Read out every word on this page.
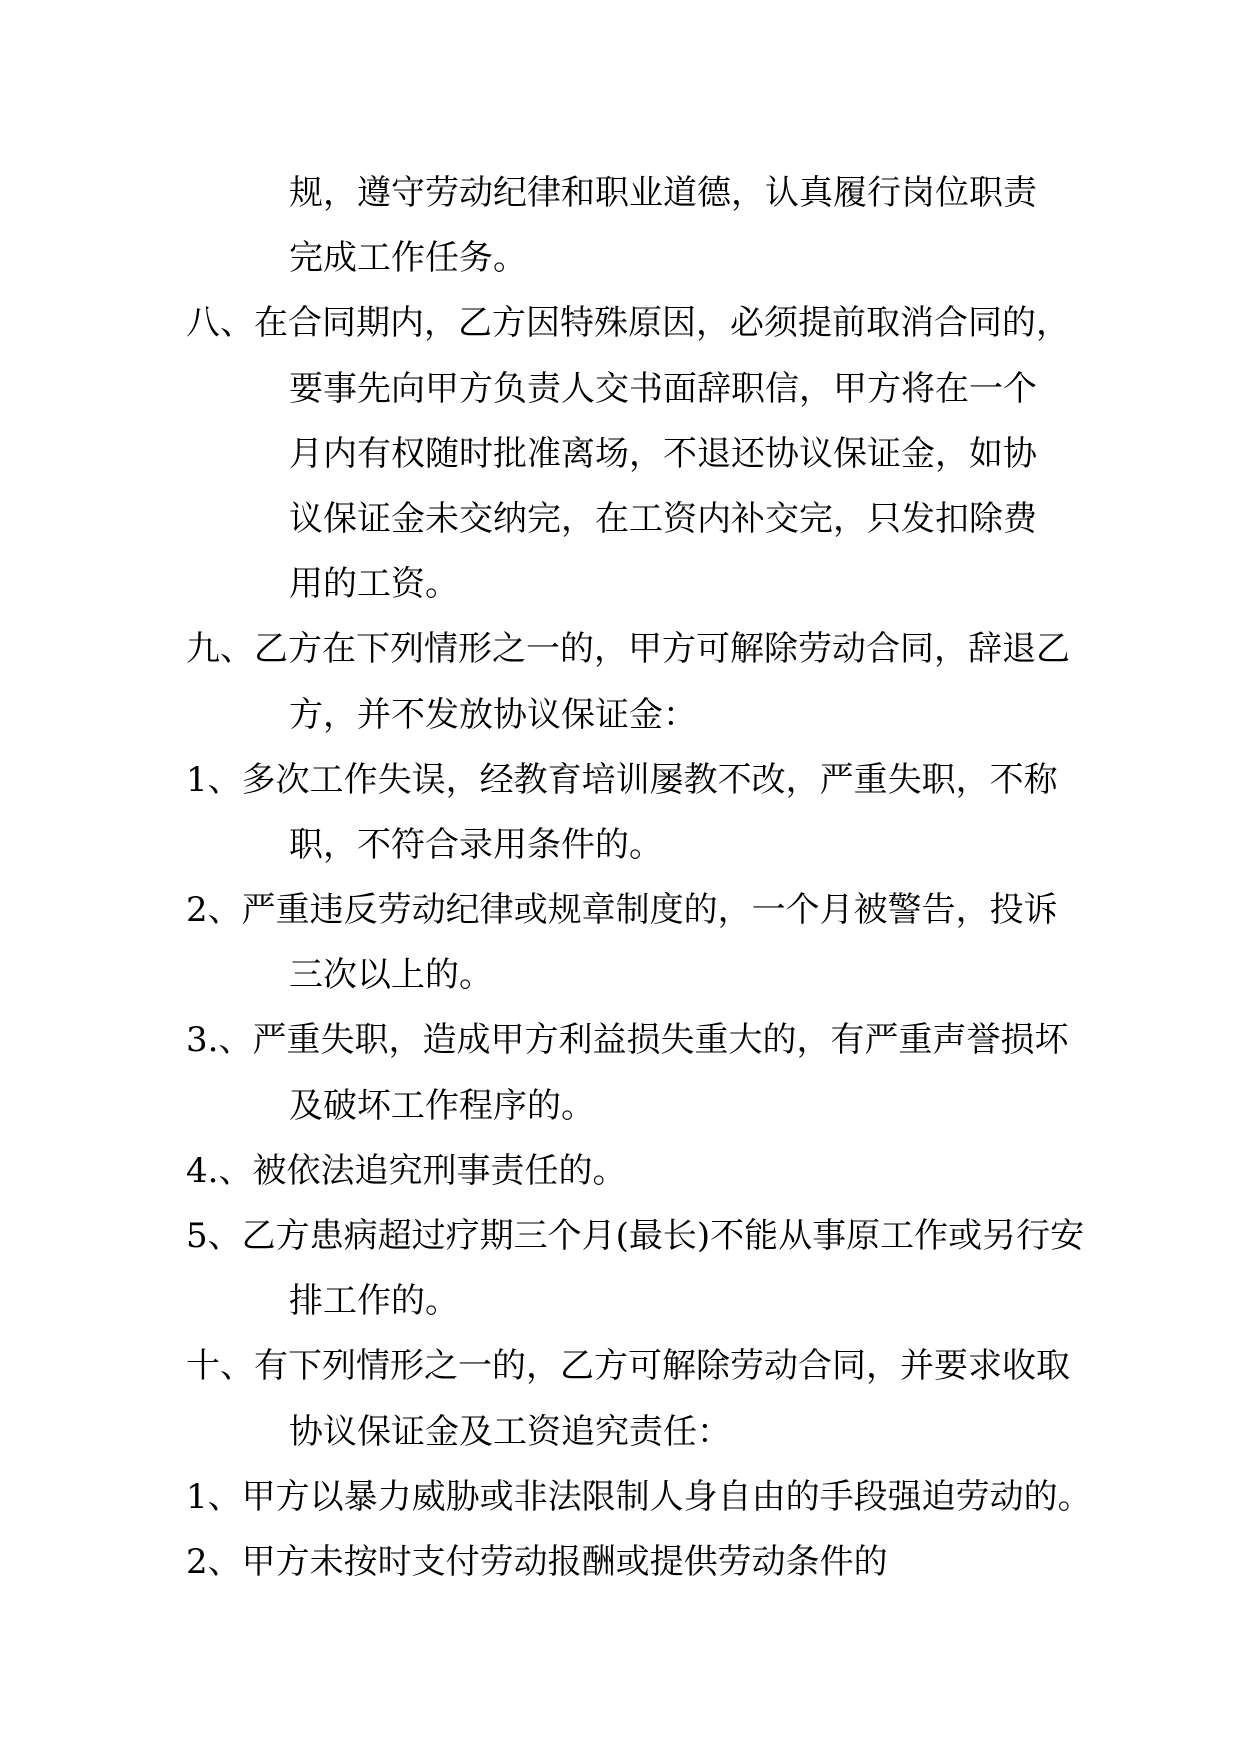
规，遵守劳动纪律和职业道德，认真履行岗位职责
完成工作任务。
八、在合同期内，乙方因特殊原因，必须提前取消合同的，
要事先向甲方负责人交书面辞职信，甲方将在一个
月内有权随时批准离场，不退还协议保证金，如协
议保证金未交纳完，在工资内补交完，只发扣除费
用的工资。
九、乙方在下列情形之一的，甲方可解除劳动合同，辞退乙
方，并不发放协议保证金：
1、多次工作失误，经教育培训屡教不改，严重失职，不称
职，不符合录用条件的。
2、严重违反劳动纪律或规章制度的，一个月被警告，投诉
三次以上的。
3.、严重失职，造成甲方利益损失重大的，有严重声誉损坏
及破坏工作程序的。
4.、被依法追究刑事责任的。
5、乙方患病超过疗期三个月(最长)不能从事原工作或另行安
排工作的。
十、有下列情形之一的，乙方可解除劳动合同，并要求收取
协议保证金及工资追究责任：
1、甲方以暴力威胁或非法限制人身自由的手段强迫劳动的。
2、甲方未按时支付劳动报酬或提供劳动条件的
